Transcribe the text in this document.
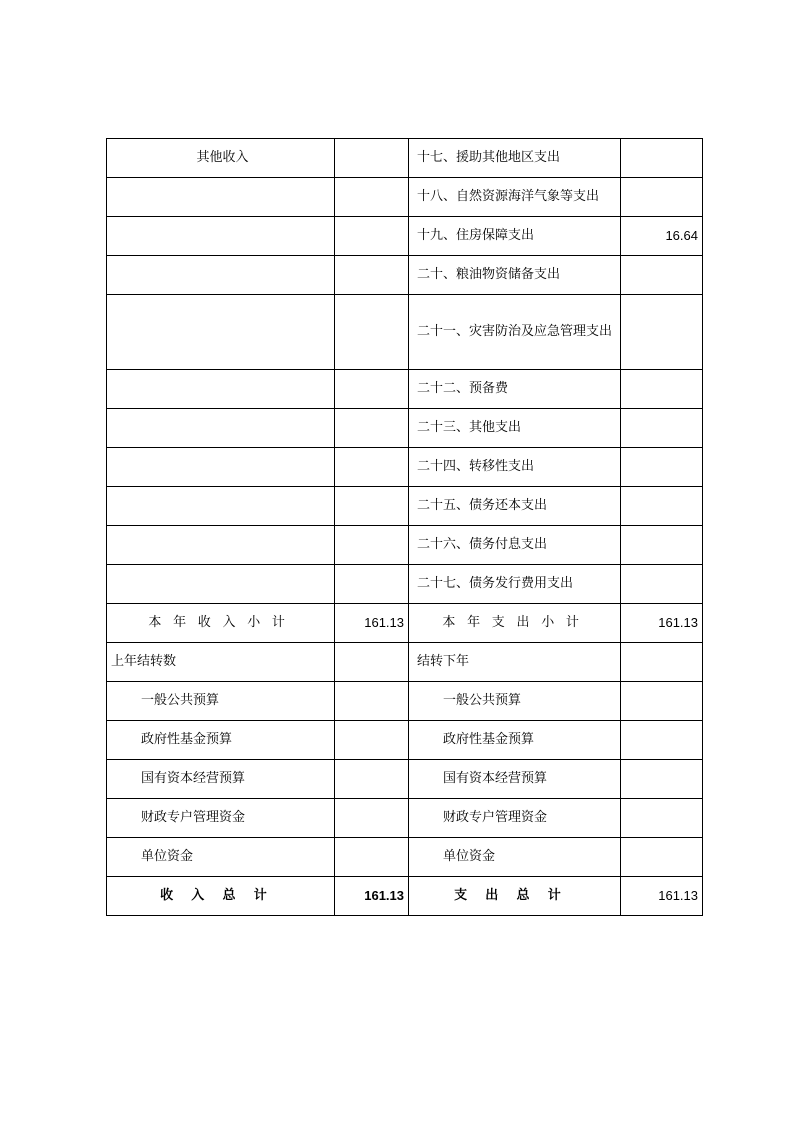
其他收入		十七、援助其他地区支出	
		十八、自然资源海洋气象等支出	
		十九、住房保障支出	16.64
		二十、粮油物资储备支出	
		二十一、灾害防治及应急管理支出	
		二十二、预备费	
		二十三、其他支出	
		二十四、转移性支出	
		二十五、债务还本支出	
		二十六、债务付息支出	
		二十七、债务发行费用支出	
本年收入小计	161.13	本年支出小计	161.13
上年结转数		结转下年	
一般公共预算		一般公共预算	
政府性基金预算		政府性基金预算	
国有资本经营预算		国有资本经营预算	
财政专户管理资金		财政专户管理资金	
单位资金		单位资金	
收入总计	161.13	支出总计	161.13
